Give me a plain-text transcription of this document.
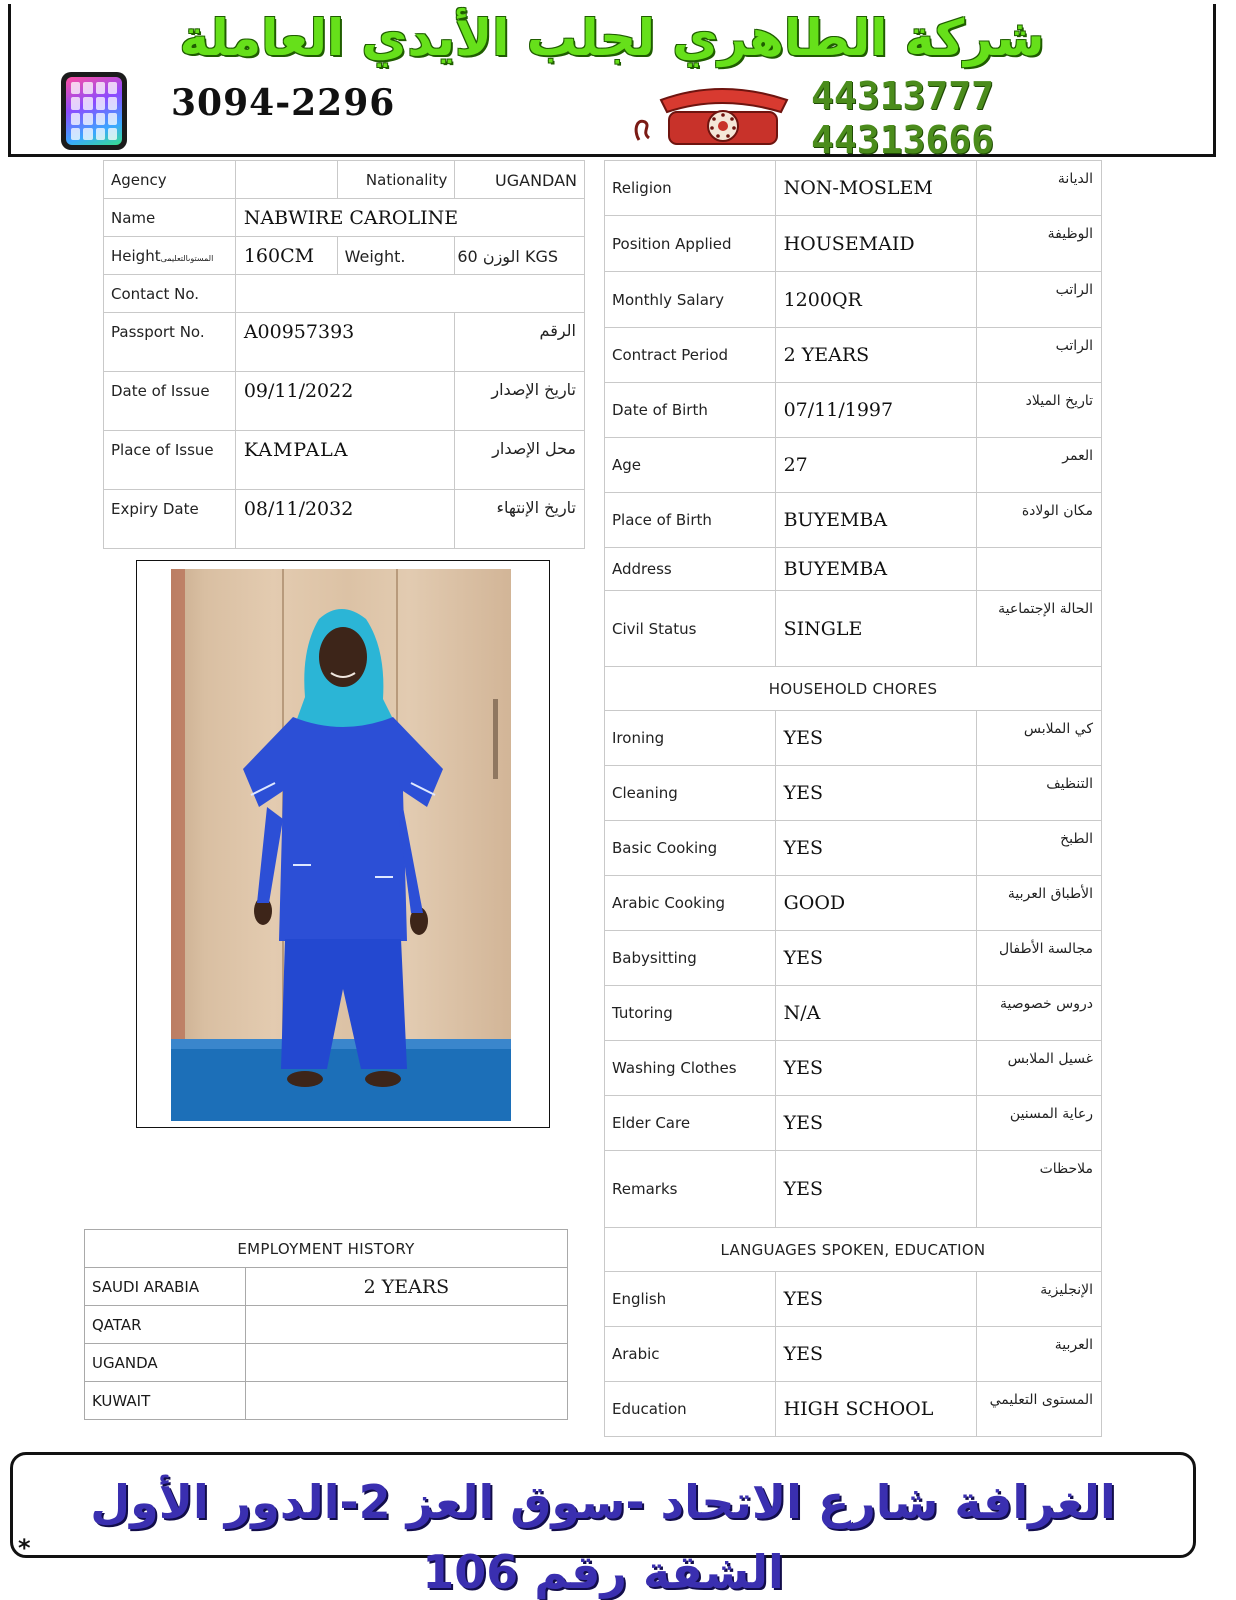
شركة الطاهري لجلب الأيدي العاملة
3094-2296	44313777
44313666
Agency		Nationality	UGANDAN
Name	NABWIRE CAROLINE		
Heightالمستوىالتعليمى	160CM	Weight.	60 الوزن KGS
Contact No.			
Passport No.	A00957393		الرقم
Date of Issue	09/11/2022		تاريخ الإصدار
Place of Issue	KAMPALA		محل الإصدار
Expiry Date	08/11/2032		تاريخ الإنتهاء
Religion	NON-MOSLEM	الديانة
Position Applied	HOUSEMAID	الوظيفة
Monthly Salary	1200QR	الراتب
Contract Period	2 YEARS	الراتب
Date of Birth	07/11/1997	تاريخ الميلاد
Age	27	العمر
Place of Birth	BUYEMBA	مكان الولادة
Address	BUYEMBA	
Civil Status	SINGLE	الحالة الإجتماعية
HOUSEHOLD CHORES		
Ironing	YES	كي الملابس
Cleaning	YES	التنظيف
Basic Cooking	YES	الطبخ
Arabic Cooking	GOOD	الأطباق العربية
Babysitting	YES	مجالسة الأطفال
Tutoring	N/A	دروس خصوصية
Washing Clothes	YES	غسيل الملابس
Elder Care	YES	رعاية المسنين
Remarks	YES	ملاحظات
LANGUAGES SPOKEN, EDUCATION		
English	YES	الإنجليزية
Arabic	YES	العربية
Education	HIGH SCHOOL	المستوى التعليمي
EMPLOYMENT HISTORY	
SAUDI ARABIA	2 YEARS
QATAR	
UGANDA	
KUWAIT	
الغرافة شارع الاتحاد -سوق العز 2-الدور الأول الشقة رقم 106
*
